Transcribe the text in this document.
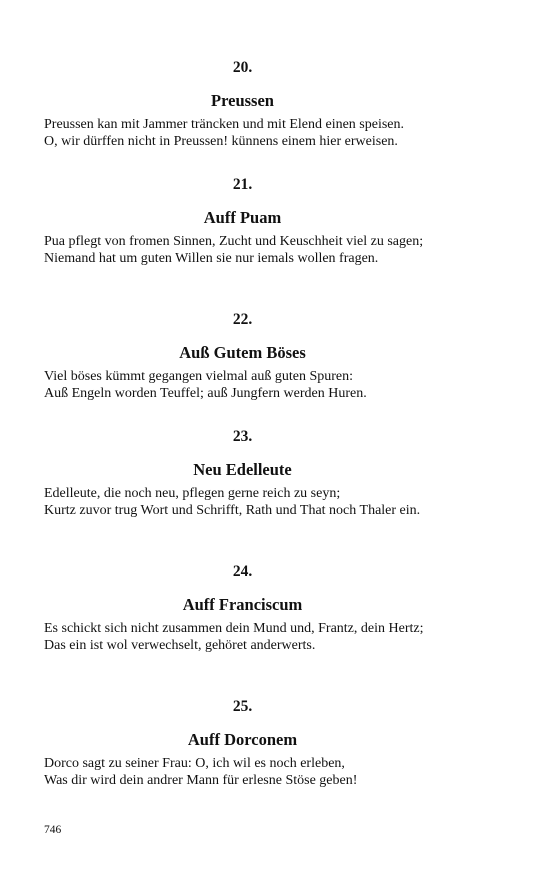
20.
Preussen

Preussen kan mit Jammer träncken und mit Elend einen speisen.

O, wir dürffen nicht in Preussen! künnens einem hier erweisen.

21.
Auff Puam

Pua pflegt von fromen Sinnen, Zucht und Keuschheit viel zu sagen;

Niemand hat um guten Willen sie nur iemals wollen fragen.

22.
Auß Gutem Böses

Viel böses kümmt gegangen vielmal auß guten Spuren:

Auß Engeln worden Teuffel; auß Jungfern werden Huren.

23.
Neu Edelleute

Edelleute, die noch neu, pflegen gerne reich zu seyn;

Kurtz zuvor trug Wort und Schrifft, Rath und That noch Thaler ein.

24.
Auff Franciscum

Es schickt sich nicht zusammen dein Mund und, Frantz, dein Hertz;

Das ein ist wol verwechselt, gehöret anderwerts.

25.
Auff Dorconem

Dorco sagt zu seiner Frau: O, ich wil es noch erleben,

Was dir wird dein andrer Mann für erlesne Stöse geben!

746
